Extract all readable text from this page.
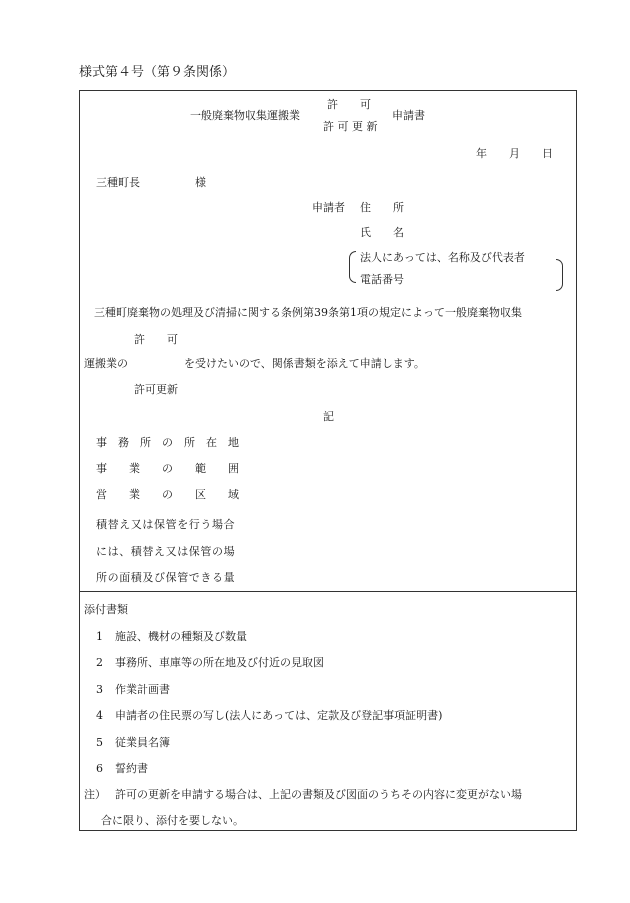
様式第４号（第９条関係）
許　　可
一般廃棄物収集運搬業
許 可 更 新
申請書
年　　月　　日
三種町長	様
申請者 住　　所
氏　　名
法人にあっては、名称及び代表者
電話番号
三種町廃棄物の処理及び清掃に関する条例第39条第1項の規定によって一般廃棄物収集
許　　可
運搬業の	を受けたいので、関係書類を添えて申請します。
許可更新
記
事　務　所　の　所　在　地
事　　業　　の　　範　　囲
営　　業　　の　　区　　域
積替え又は保管を行う場合
には、積替え又は保管の場
所の面積及び保管できる量
添付書類
1 施設、機材の種類及び数量
2 事務所、車庫等の所在地及び付近の見取図
3 作業計画書
4 申請者の住民票の写し(法人にあっては、定款及び登記事項証明書)
5 従業員名簿
6 誓約書
注） 許可の更新を申請する場合は、上記の書類及び図面のうちその内容に変更がない場
合に限り、添付を要しない。
